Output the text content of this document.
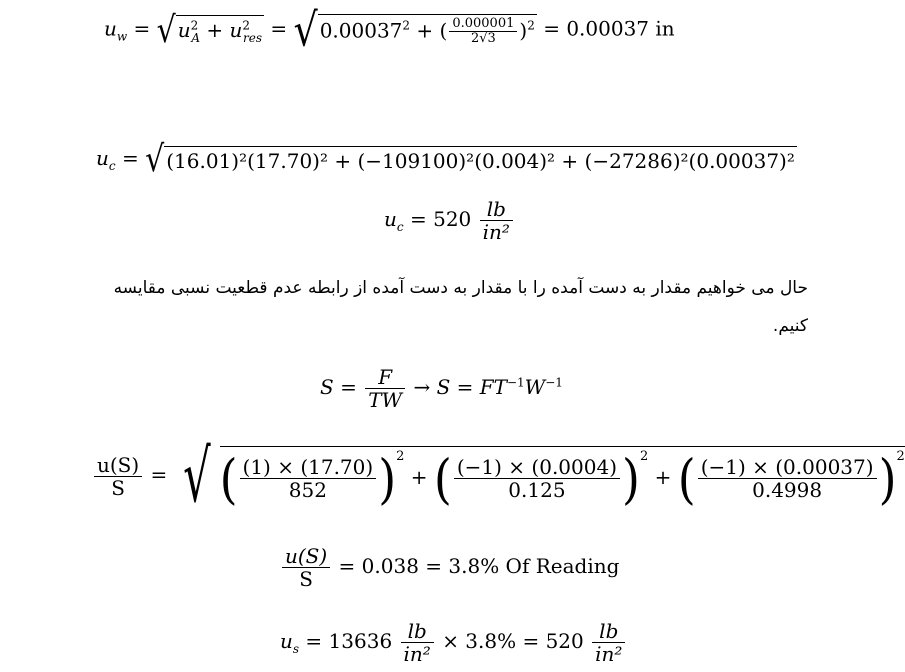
$u_w$ = √ $u^2_A + u^2_{res}$ = √ $0.00037^2$ + ( $\frac{0.000001}{2√3} )^2 = 0.00037$ in
$u_c$ = √ (16.01)²(17.70)² + (−109100)²(0.004)² + (−27286)²(0.00037)²
$u_c = 520 \frac{lb}{\text{in²}}$
حال می خواهیم مقدار به دست آمده را با مقدار به دست آمده از رابطه عدم قطعیت نسبی مقایسه
کنیم.
$S = \frac{F}{TW} \to S = FT^{-1}W^{-1}$
$\frac{u(S)}{S}$ = √ ( $\frac{(1) \times (17.70)}{852} )^2$ + ( $\frac{(-1) \times (0.0004)}{0.125} )^2$ + ( $\frac{(-1) \times (0.00037)}{0.4998} )^2$
$\frac{u(S)}{S} = 0.038 = 3.8\%$ Of Reading
$u_s = 13636 \frac{lb}{\text{in²}} \times 3.8\% = 520 \frac{lb}{\text{in²}}$
